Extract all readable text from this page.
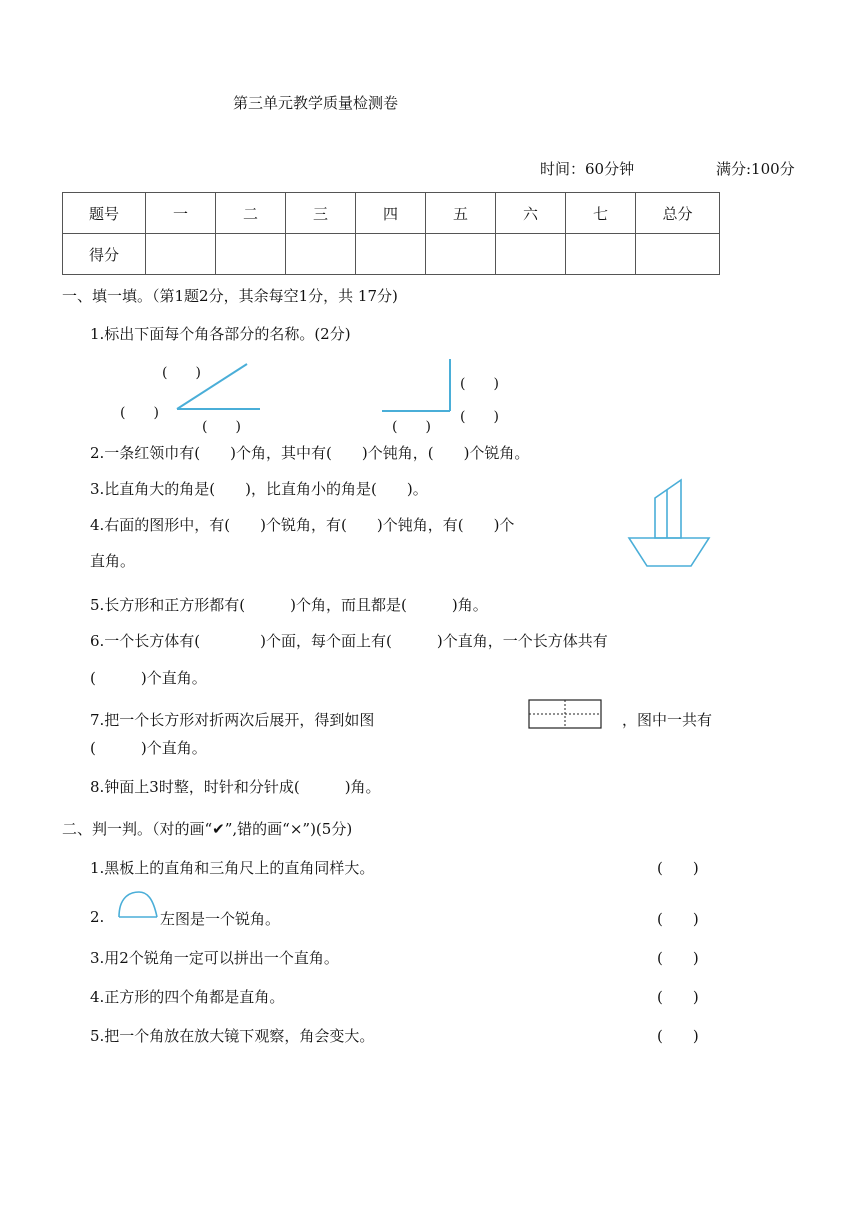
第三单元教学质量检测卷
时间：60分钟	满分:100分
题号	一	二	三	四	五	六	七	总分
得分								
一、填一填。（第1题2分，其余每空1分，共 17分)
1.标出下面每个角各部分的名称。(2分)
(　　)
(　　)
(　　)
(　　)
(　　)
(　　)
2.一条红领巾有(　　)个角，其中有(　　)个钝角，(　　)个锐角。
3.比直角大的角是(　　)，比直角小的角是(　　)。
4.右面的图形中，有(　　)个锐角，有(　　)个钝角，有(　　)个
直角。
5.长方形和正方形都有(　　　)个角，而且都是(　　　)角。
6.一个长方体有(　　　　)个面，每个面上有(　　　)个直角，一个长方体共有
(　　　)个直角。
7.把一个长方形对折两次后展开，得到如图	，图中一共有
(　　　)个直角。
8.钟面上3时整，时针和分针成(　　　)角。
二、判一判。（对的画“✔”,错的画“×”)(5分)
1.黑板上的直角和三角尺上的直角同样大。	(　　)
2.	左图是一个锐角。	(　　)
3.用2个锐角一定可以拼出一个直角。	(　　)
4.正方形的四个角都是直角。	(　　)
5.把一个角放在放大镜下观察，角会变大。	(　　)
